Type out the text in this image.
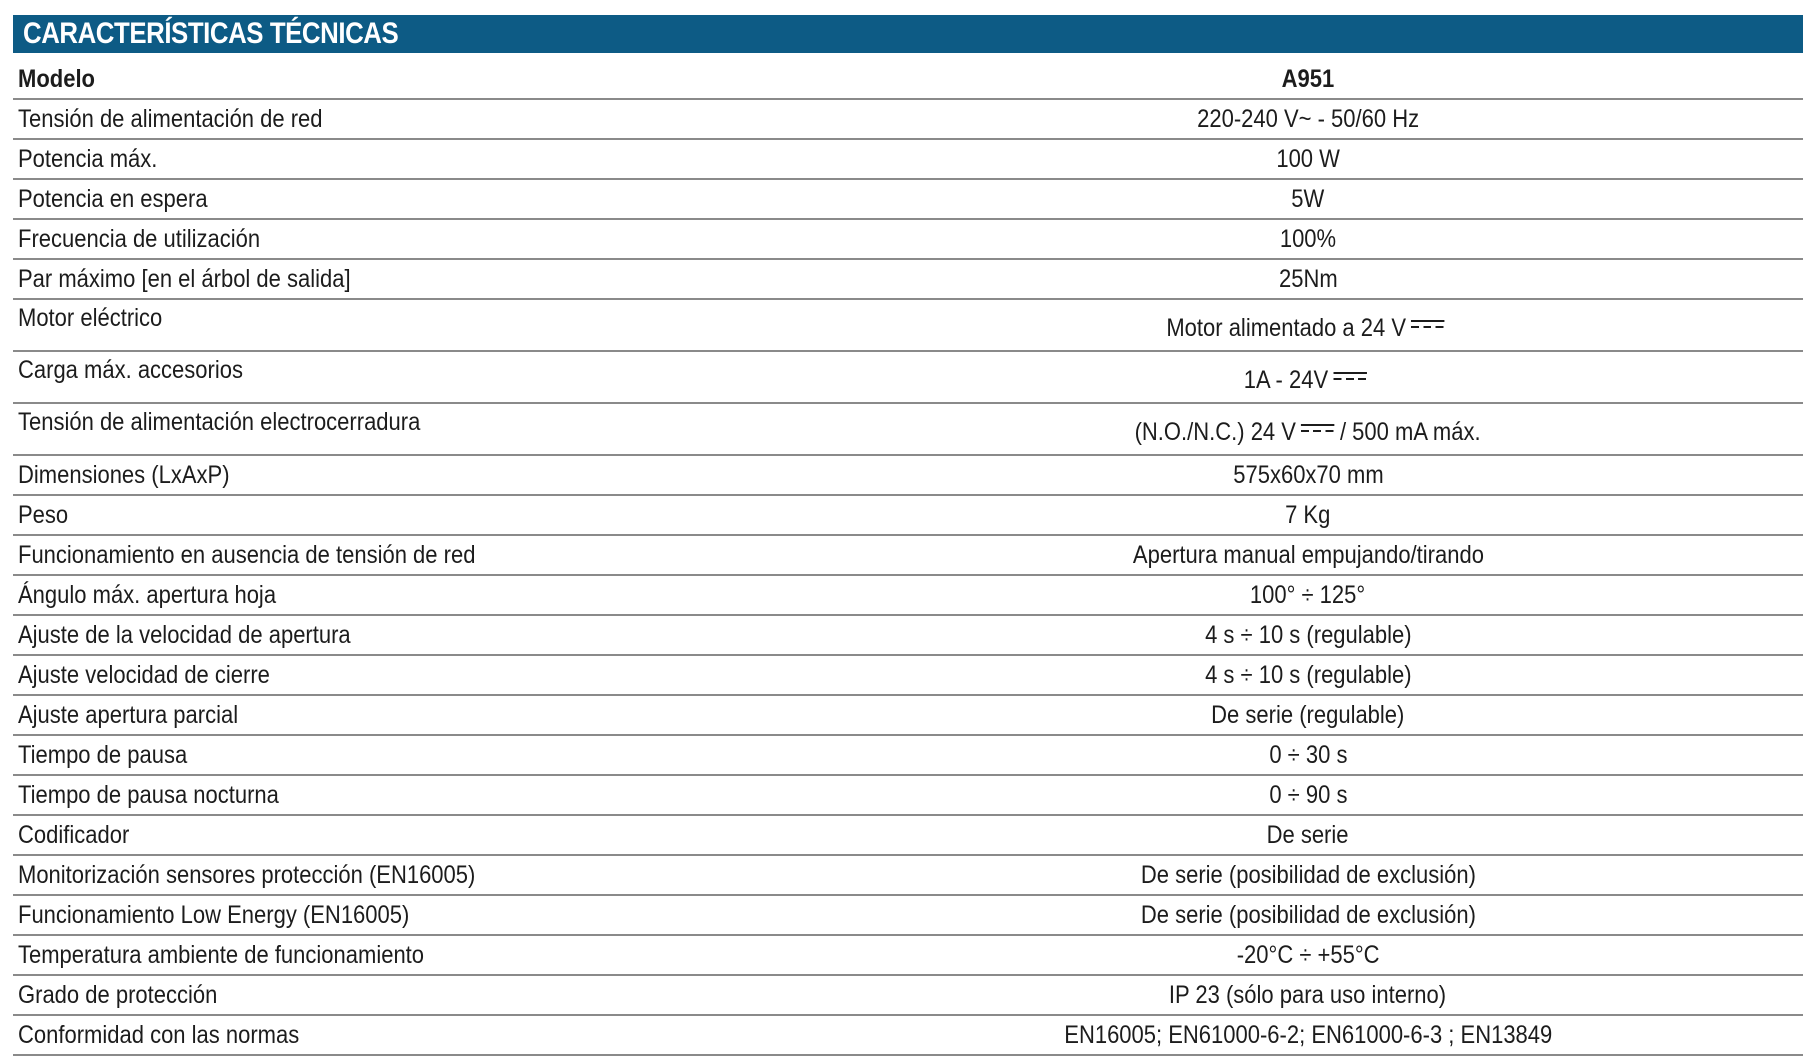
CARACTERÍSTICAS TÉCNICAS
Modelo	A951
Tensión de alimentación de red	220-240 V~ - 50/60 Hz
Potencia máx.	100 W
Potencia en espera	5W
Frecuencia de utilización	100%
Par máximo [en el árbol de salida]	25Nm
Motor eléctrico	Motor alimentado a 24 V
Carga máx. accesorios	1A - 24V
Tensión de alimentación electrocerradura	(N.O./N.C.) 24 V / 500 mA máx.
Dimensiones (LxAxP)	575x60x70 mm
Peso	7 Kg
Funcionamiento en ausencia de tensión de red	Apertura manual empujando/tirando
Ángulo máx. apertura hoja	100° ÷ 125°
Ajuste de la velocidad de apertura	4 s ÷ 10 s (regulable)
Ajuste velocidad de cierre	4 s ÷ 10 s (regulable)
Ajuste apertura parcial	De serie (regulable)
Tiempo de pausa	0 ÷ 30 s
Tiempo de pausa nocturna	0 ÷ 90 s
Codificador	De serie
Monitorización sensores protección (EN16005)	De serie (posibilidad de exclusión)
Funcionamiento Low Energy (EN16005)	De serie (posibilidad de exclusión)
Temperatura ambiente de funcionamiento	-20°C ÷ +55°C
Grado de protección	IP 23 (sólo para uso interno)
Conformidad con las normas	EN16005; EN61000-6-2; EN61000-6-3 ; EN13849
